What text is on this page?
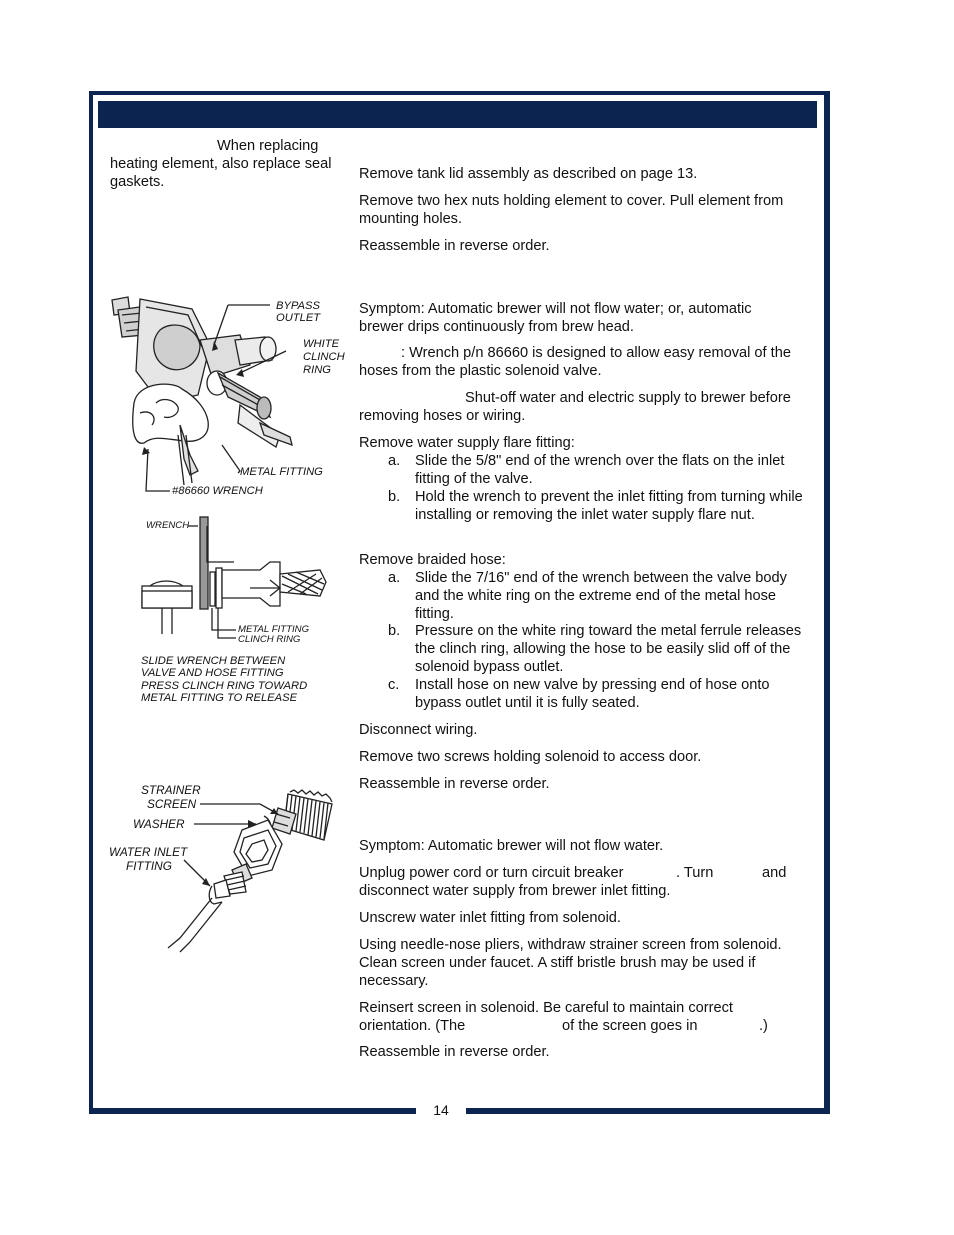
14
When replacing heating element, also replace seal gaskets.	Remove tank lid assembly as described on page 13.
Remove two hex nuts holding element to cover. Pull element from mounting holes.
Reassemble in reverse order.
Symptom: Automatic brewer will not flow water; or, automatic brewer drips continuously from brew head.
: Wrench p/n 86660 is designed to allow easy removal of the hoses from the plastic solenoid valve.
Shut-off water and electric supply to brewer before removing hoses or wiring.
Remove water supply flare fitting:
a. Slide the 5/8" end of the wrench over the flats on the inlet fitting of the valve.
b. Hold the wrench to prevent the inlet fitting from turning while installing or removing the inlet water supply flare nut.
Remove braided hose:
a. Slide the 7/16" end of the wrench between the valve body and the white ring on the extreme end of the metal hose fitting.
b. Pressure on the white ring toward the metal ferrule releases the clinch ring, allowing the hose to be easily slid off of the solenoid bypass outlet.
c. Install hose on new valve by pressing end of hose onto bypass outlet until it is fully seated.
Disconnect wiring.
Remove two screws holding solenoid to access door.
Reassemble in reverse order.
Symptom: Automatic brewer will not flow water.
Unplug power cord or turn circuit breaker	. Turn	and
disconnect water supply from brewer inlet fitting.
Unscrew water inlet fitting from solenoid.
Using needle-nose pliers, withdraw strainer screen from solenoid. Clean screen under faucet. A stiff bristle brush may be used if necessary.
Reinsert screen in solenoid. Be careful to maintain correct
orientation. (The	of the screen goes in	.)
Reassemble in reverse order.
BYPASS
OUTLET
WHITE
CLINCH
RING
METAL FITTING
#86660 WRENCH
WRENCH
METAL FITTING
CLINCH RING
SLIDE WRENCH BETWEEN
VALVE AND HOSE FITTING
PRESS CLINCH RING TOWARD
METAL FITTING TO RELEASE
STRAINER
SCREEN
WASHER
WATER INLET
FITTING
